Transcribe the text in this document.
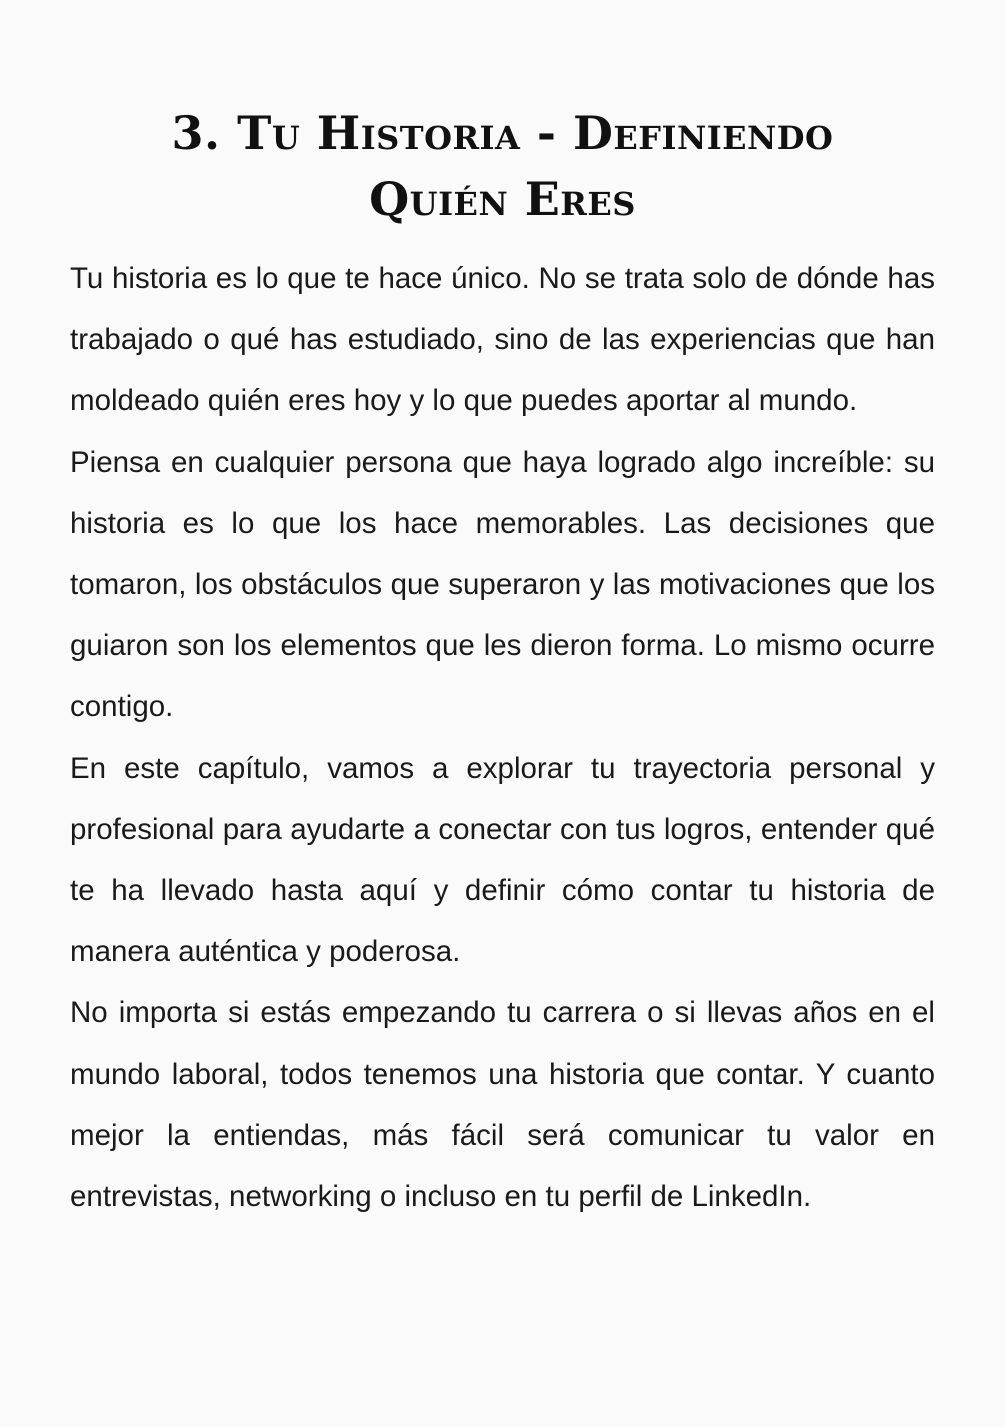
3. Tu Historia - Definiendo
Quién Eres

Tu historia es lo que te hace único. No se trata solo de dónde has trabajado o qué has estudiado, sino de las experiencias que han moldeado quién eres hoy y lo que puedes aportar al mundo.

Piensa en cualquier persona que haya logrado algo increíble: su historia es lo que los hace memorables. Las decisiones que tomaron, los obstáculos que superaron y las motivaciones que los guiaron son los elementos que les dieron forma. Lo mismo ocurre contigo.

En este capítulo, vamos a explorar tu trayectoria personal y profesional para ayudarte a conectar con tus logros, entender qué te ha llevado hasta aquí y definir cómo contar tu historia de manera auténtica y poderosa.

No importa si estás empezando tu carrera o si llevas años en el mundo laboral, todos tenemos una historia que contar. Y cuanto mejor la entiendas, más fácil será comunicar tu valor en entrevistas, networking o incluso en tu perfil de LinkedIn.
